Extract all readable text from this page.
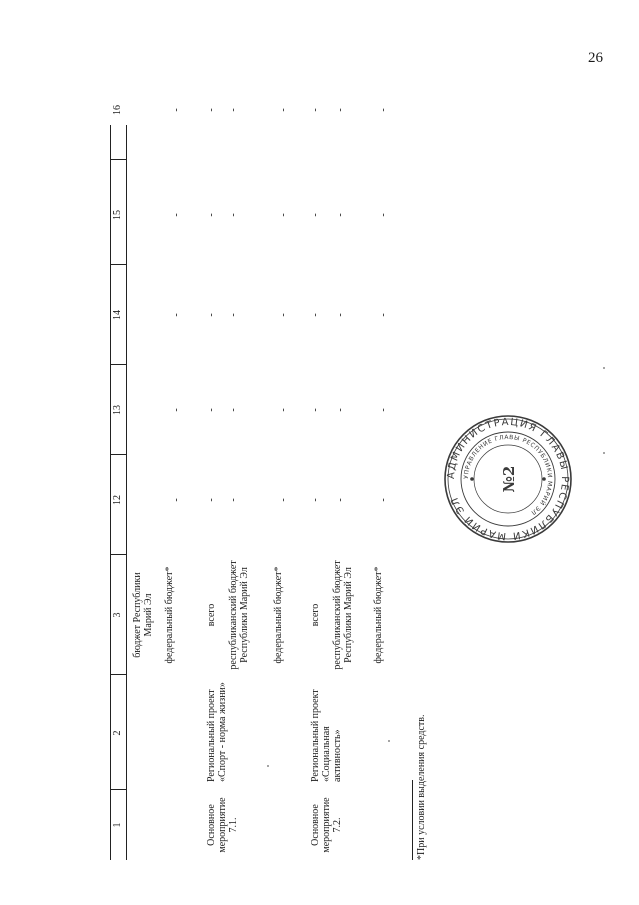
26
1
2
3
12
13
14
15
16
бюджет Республики Марий Эл федеральный бюджет*
-
-
-
-
-
Основное мероприятие 7.1.
Региональный проект «Спорт - норма жизни»
всего
-
-
-
-
-
республиканский бюджет Республики Марий Эл
-
-
-
-
-
федеральный бюджет*
-
-
-
-
-
Основное мероприятие 7.2.
Региональный проект «Социальная активность»
всего
-
-
-
-
-
республиканский бюджет Республики Марий Эл
-
-
-
-
-
федеральный бюджет*
-
-
-
-
-
*При условии выделения средств.
АДМИНИСТРАЦИЯ ГЛАВЫ РЕСПУБЛИКИ МАРИЙ ЭЛ
УПРАВЛЕНИЕ ГЛАВЫ РЕСПУБЛИКИ МАРИЙ ЭЛ
№2
